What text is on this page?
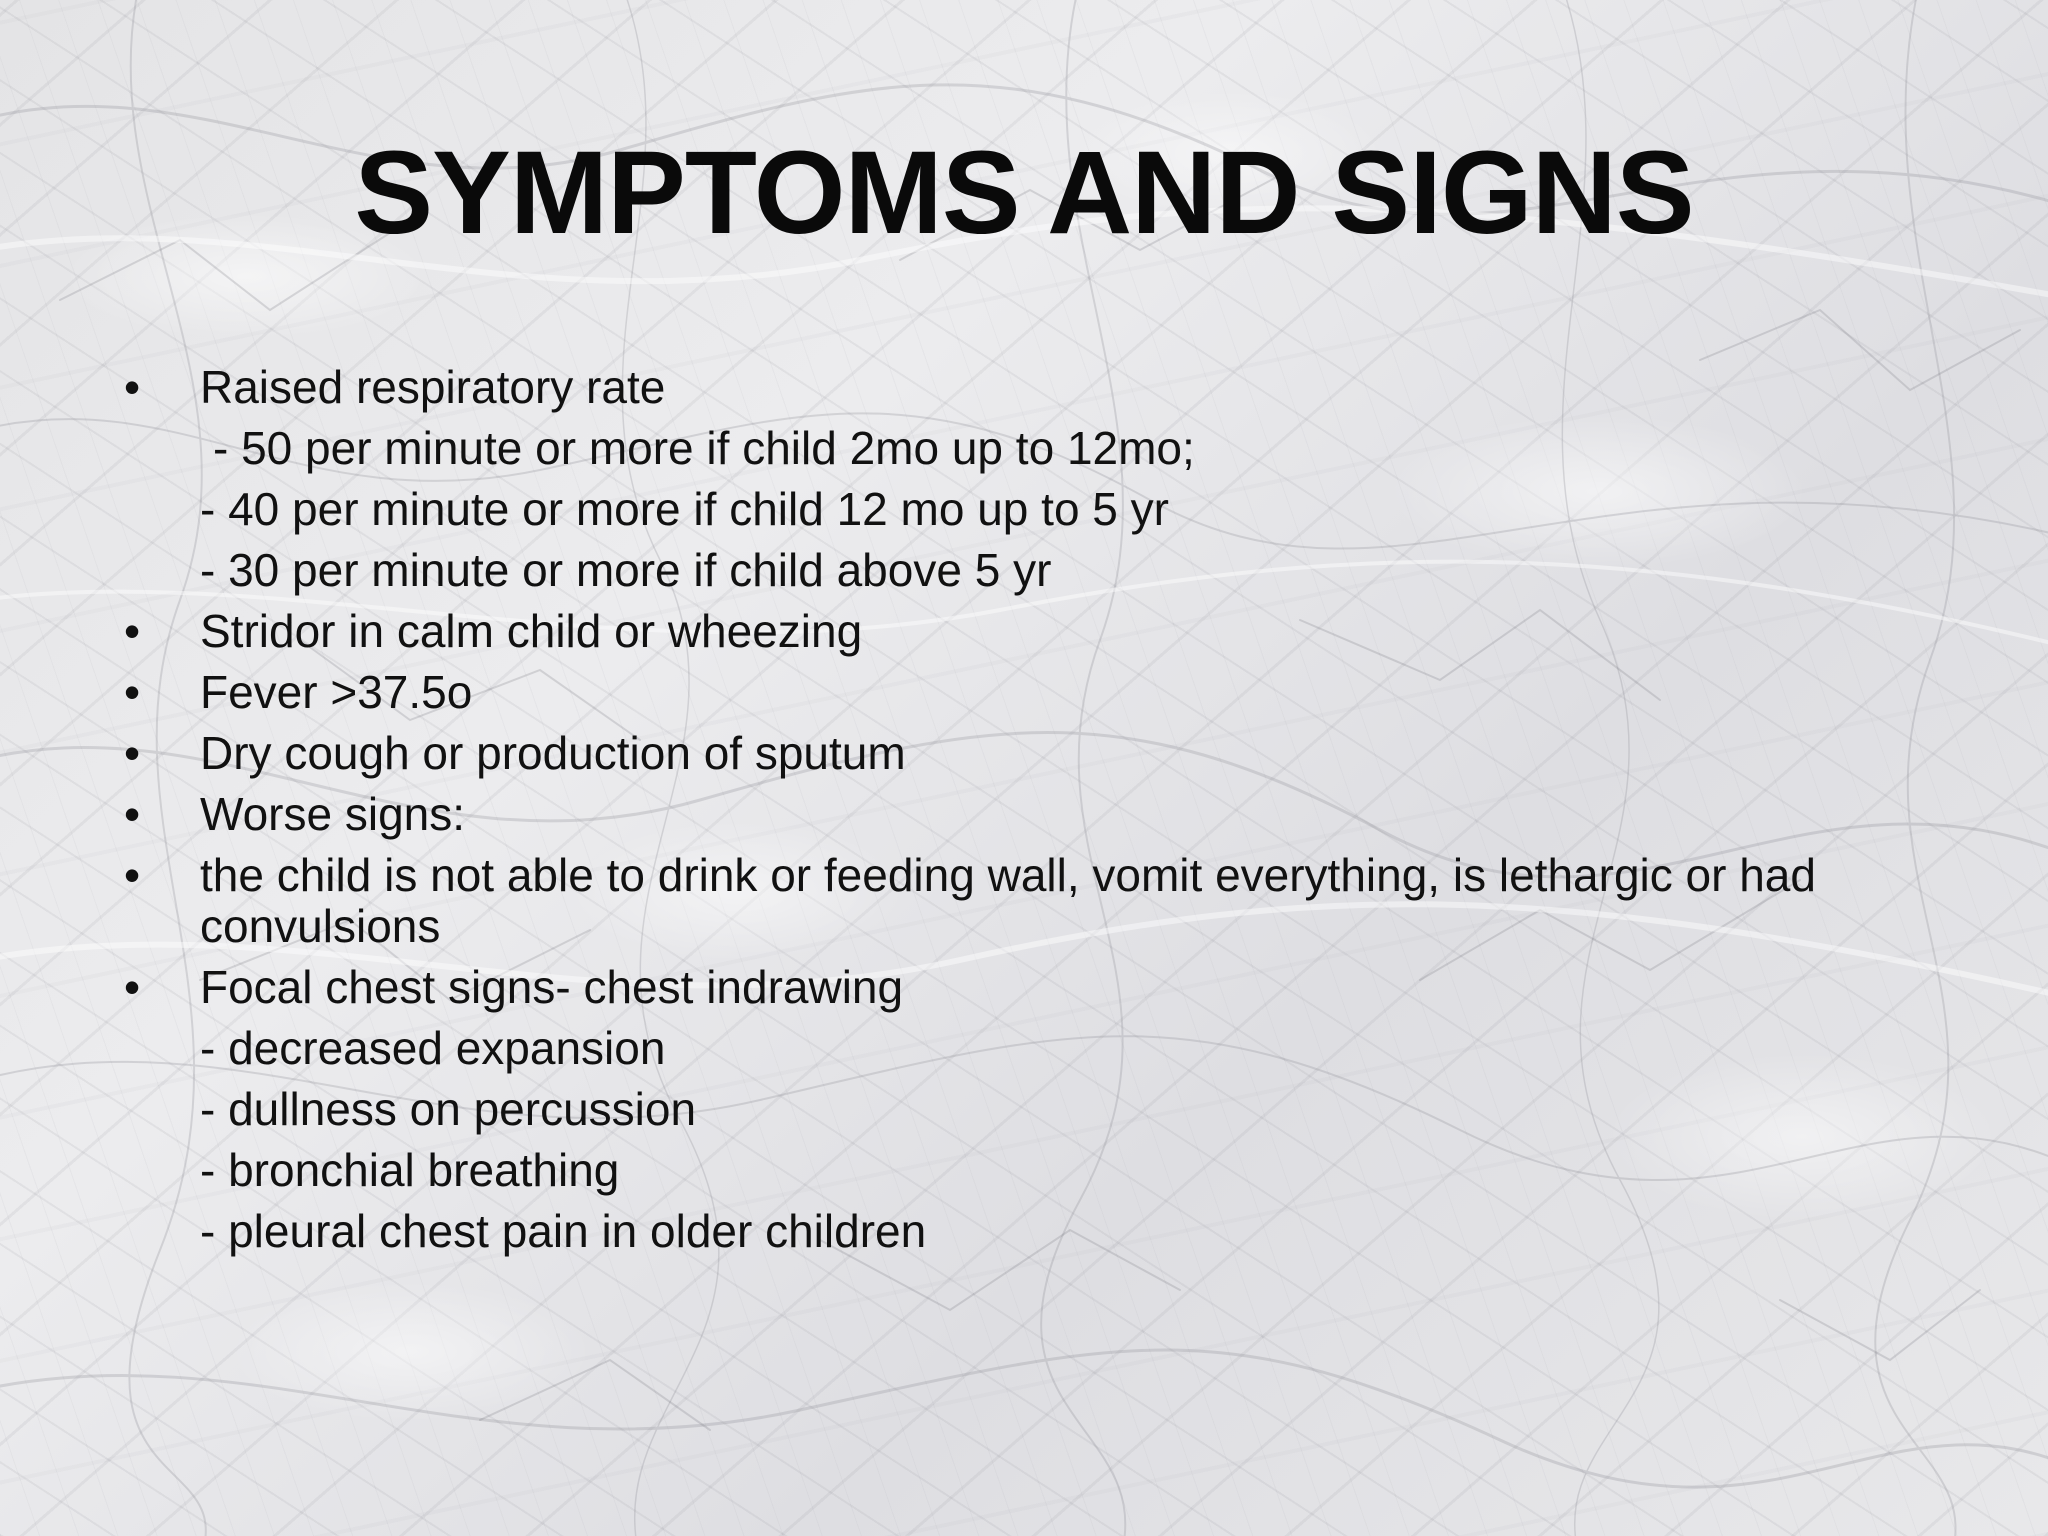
SYMPTOMS AND SIGNS
• Raised respiratory rate
- 50 per minute or more if child 2mo up to 12mo;
- 40 per minute or more if child 12 mo up to 5 yr
- 30 per minute or more if child above 5 yr
• Stridor in calm child or wheezing
• Fever >37.5o
• Dry cough or production of sputum
• Worse signs:
• the child is not able to drink or feeding wall, vomit everything, is lethargic or had convulsions
• Focal chest signs- chest indrawing
- decreased expansion
- dullness on percussion
- bronchial breathing
- pleural chest pain in older children
